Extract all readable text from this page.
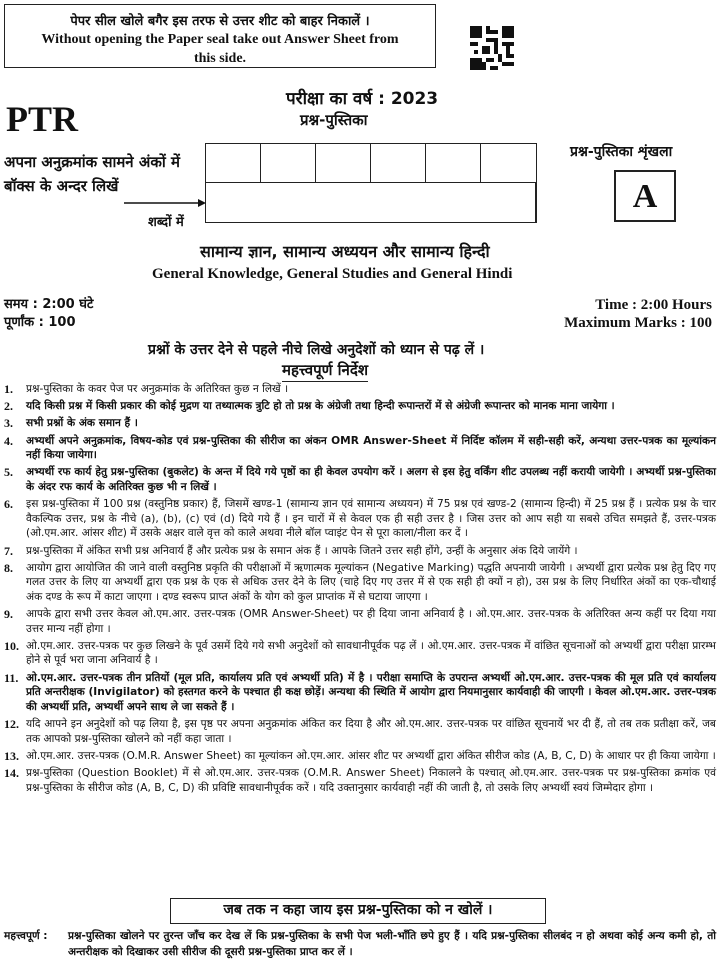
पेपर सील खोले बगैर इस तरफ से उत्तर शीट को बाहर निकालें ।
Without opening the Paper seal take out Answer Sheet from
this side.
PTR	परीक्षा का वर्ष : 2023
प्रश्न-पुस्तिका
अपना अनुक्रमांक सामने अंकों में
बॉक्स के अन्दर लिखें
शब्दों में
प्रश्न-पुस्तिका शृंखला
A
सामान्य ज्ञान, सामान्य अध्ययन और सामान्य हिन्दी
General Knowledge, General Studies and General Hindi
समय : 2:00 घंटे
पूर्णांक : 100
Time : 2:00 Hours
Maximum Marks : 100
प्रश्नों के उत्तर देने से पहले नीचे लिखे अनुदेशों को ध्यान से पढ़ लें ।
महत्त्वपूर्ण निर्देश
1.	प्रश्न-पुस्तिका के कवर पेज पर अनुक्रमांक के अतिरिक्त कुछ न लिखें ।
2.	यदि किसी प्रश्न में किसी प्रकार की कोई मुद्रण या तथ्यात्मक त्रुटि हो तो प्रश्न के अंग्रेजी तथा हिन्दी रूपान्तरों में से अंग्रेजी रूपान्तर को मानक माना जायेगा ।
3.	सभी प्रश्नों के अंक समान हैं ।
4.	अभ्यर्थी अपने अनुक्रमांक, विषय-कोड एवं प्रश्न-पुस्तिका की सीरीज का अंकन OMR Answer-Sheet में निर्दिष्ट कॉलम में सही-सही करें, अन्यथा उत्तर-पत्रक का मूल्यांकन नहीं किया जायेगा।
5.	अभ्यर्थी रफ कार्य हेतु प्रश्न-पुस्तिका (बुकलेट) के अन्त में दिये गये पृष्ठों का ही केवल उपयोग करें । अलग से इस हेतु वर्किंग शीट उपलब्ध नहीं करायी जायेगी । अभ्यर्थी प्रश्न-पुस्तिका के अंदर रफ कार्य के अतिरिक्त कुछ भी न लिखें ।
6.	इस प्रश्न-पुस्तिका में 100 प्रश्न (वस्तुनिष्ठ प्रकार) हैं, जिसमें खण्ड-1 (सामान्य ज्ञान एवं सामान्य अध्ययन) में 75 प्रश्न एवं खण्ड-2 (सामान्य हिन्दी) में 25 प्रश्न हैं । प्रत्येक प्रश्न के चार वैकल्पिक उत्तर, प्रश्न के नीचे (a), (b), (c) एवं (d) दिये गये हैं । इन चारों में से केवल एक ही सही उत्तर है । जिस उत्तर को आप सही या सबसे उचित समझते हैं, उत्तर-पत्रक (ओ.एम.आर. आंसर शीट) में उसके अक्षर वाले वृत्त को काले अथवा नीले बॉल प्वाइंट पेन से पूरा काला/नीला कर दें ।
7.	प्रश्न-पुस्तिका में अंकित सभी प्रश्न अनिवार्य हैं और प्रत्येक प्रश्न के समान अंक हैं । आपके जितने उत्तर सही होंगे, उन्हीं के अनुसार अंक दिये जायेंगे ।
8.	आयोग द्वारा आयोजित की जाने वाली वस्तुनिष्ठ प्रकृति की परीक्षाओं में ऋणात्मक मूल्यांकन (Negative Marking) पद्धति अपनायी जायेगी । अभ्यर्थी द्वारा प्रत्येक प्रश्न हेतु दिए गए गलत उत्तर के लिए या अभ्यर्थी द्वारा एक प्रश्न के एक से अधिक उत्तर देने के लिए (चाहे दिए गए उत्तर में से एक सही ही क्यों न हो), उस प्रश्न के लिए निर्धारित अंकों का एक-चौथाई अंक दण्ड के रूप में काटा जाएगा । दण्ड स्वरूप प्राप्त अंकों के योग को कुल प्राप्तांक में से घटाया जाएगा ।
9.	आपके द्वारा सभी उत्तर केवल ओ.एम.आर. उत्तर-पत्रक (OMR Answer-Sheet) पर ही दिया जाना अनिवार्य है । ओ.एम.आर. उत्तर-पत्रक के अतिरिक्त अन्य कहीं पर दिया गया उत्तर मान्य नहीं होगा ।
10. ओ.एम.आर. उत्तर-पत्रक पर कुछ लिखने के पूर्व उसमें दिये गये सभी अनुदेशों को सावधानीपूर्वक पढ़ लें । ओ.एम.आर. उत्तर-पत्रक में वांछित सूचनाओं को अभ्यर्थी द्वारा परीक्षा प्रारम्भ होने से पूर्व भरा जाना अनिवार्य है ।
11. ओ.एम.आर. उत्तर-पत्रक तीन प्रतियों (मूल प्रति, कार्यालय प्रति एवं अभ्यर्थी प्रति) में है । परीक्षा समाप्ति के उपरान्त अभ्यर्थी ओ.एम.आर. उत्तर-पत्रक की मूल प्रति एवं कार्यालय प्रति अन्तरीक्षक (Invigilator) को हस्तगत करने के पश्चात ही कक्ष छोड़ें। अन्यथा की स्थिति में आयोग द्वारा नियमानुसार कार्यवाही की जाएगी । केवल ओ.एम.आर. उत्तर-पत्रक की अभ्यर्थी प्रति, अभ्यर्थी अपने साथ ले जा सकते हैं ।
12. यदि आपने इन अनुदेशों को पढ़ लिया है, इस पृष्ठ पर अपना अनुक्रमांक अंकित कर दिया है और ओ.एम.आर. उत्तर-पत्रक पर वांछित सूचनायें भर दी हैं, तो तब तक प्रतीक्षा करें, जब तक आपको प्रश्न-पुस्तिका खोलने को नहीं कहा जाता ।
13. ओ.एम.आर. उत्तर-पत्रक (O.M.R. Answer Sheet) का मूल्यांकन ओ.एम.आर. आंसर शीट पर अभ्यर्थी द्वारा अंकित सीरीज कोड (A, B, C, D) के आधार पर ही किया जायेगा ।
14. प्रश्न-पुस्तिका (Question Booklet) में से ओ.एम.आर. उत्तर-पत्रक (O.M.R. Answer Sheet) निकालने के पश्चात् ओ.एम.आर. उत्तर-पत्रक पर प्रश्न-पुस्तिका क्रमांक एवं प्रश्न-पुस्तिका के सीरीज कोड (A, B, C, D) की प्रविष्टि सावधानीपूर्वक करें । यदि उक्तानुसार कार्यवाही नहीं की जाती है, तो उसके लिए अभ्यर्थी स्वयं जिम्मेदार होगा ।
जब तक न कहा जाय इस प्रश्न-पुस्तिका को न खोलें ।
महत्त्वपूर्ण :	प्रश्न-पुस्तिका खोलने पर तुरन्त जाँच कर देख लें कि प्रश्न-पुस्तिका के सभी पेज भली-भाँति छपे हुए हैं । यदि प्रश्न-पुस्तिका सीलबंद न हो अथवा कोई अन्य कमी हो, तो अन्तरीक्षक को दिखाकर उसी सीरीज की दूसरी प्रश्न-पुस्तिका प्राप्त कर लें ।
